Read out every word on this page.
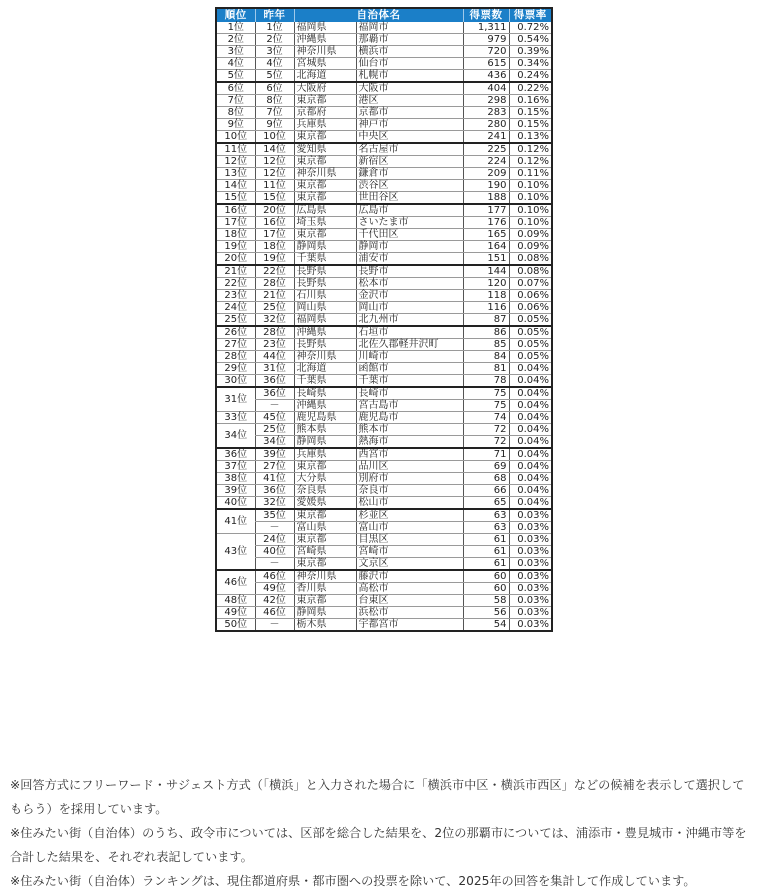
順位	昨年	自治体名		得票数	得票率
1位	1位	福岡県	福岡市	1,311	0.72%
2位	2位	沖縄県	那覇市	979	0.54%
3位	3位	神奈川県	横浜市	720	0.39%
4位	4位	宮城県	仙台市	615	0.34%
5位	5位	北海道	札幌市	436	0.24%
6位	6位	大阪府	大阪市	404	0.22%
7位	8位	東京都	港区	298	0.16%
8位	7位	京都府	京都市	283	0.15%
9位	9位	兵庫県	神戸市	280	0.15%
10位	10位	東京都	中央区	241	0.13%
11位	14位	愛知県	名古屋市	225	0.12%
12位	12位	東京都	新宿区	224	0.12%
13位	12位	神奈川県	鎌倉市	209	0.11%
14位	11位	東京都	渋谷区	190	0.10%
15位	15位	東京都	世田谷区	188	0.10%
16位	20位	広島県	広島市	177	0.10%
17位	16位	埼玉県	さいたま市	176	0.10%
18位	17位	東京都	千代田区	165	0.09%
19位	18位	静岡県	静岡市	164	0.09%
20位	19位	千葉県	浦安市	151	0.08%
21位	22位	長野県	長野市	144	0.08%
22位	28位	長野県	松本市	120	0.07%
23位	21位	石川県	金沢市	118	0.06%
24位	25位	岡山県	岡山市	116	0.06%
25位	32位	福岡県	北九州市	87	0.05%
26位	28位	沖縄県	石垣市	86	0.05%
27位	23位	長野県	北佐久郡軽井沢町	85	0.05%
28位	44位	神奈川県	川崎市	84	0.05%
29位	31位	北海道	函館市	81	0.04%
30位	36位	千葉県	千葉市	78	0.04%
31位	36位	長崎県	長崎市	75	0.04%
	－	沖縄県	宮古島市	75	0.04%
33位	45位	鹿児島県	鹿児島市	74	0.04%
34位	25位	熊本県	熊本市	72	0.04%
	34位	静岡県	熱海市	72	0.04%
36位	39位	兵庫県	西宮市	71	0.04%
37位	27位	東京都	品川区	69	0.04%
38位	41位	大分県	別府市	68	0.04%
39位	36位	奈良県	奈良市	66	0.04%
40位	32位	愛媛県	松山市	65	0.04%
41位	35位	東京都	杉並区	63	0.03%
	－	富山県	富山市	63	0.03%
43位	24位	東京都	目黒区	61	0.03%
	40位	宮崎県	宮崎市	61	0.03%
	－	東京都	文京区	61	0.03%
46位	46位	神奈川県	藤沢市	60	0.03%
	49位	香川県	高松市	60	0.03%
48位	42位	東京都	台東区	58	0.03%
49位	46位	静岡県	浜松市	56	0.03%
50位	－	栃木県	宇都宮市	54	0.03%

※回答方式にフリーワード・サジェスト方式（「横浜」と入力された場合に「横浜市中区・横浜市西区」などの候補を表示して選択してもらう）を採用しています。

※住みたい街（自治体）のうち、政令市については、区部を総合した結果を、2位の那覇市については、浦添市・豊見城市・沖縄市等を合計した結果を、それぞれ表記しています。

※住みたい街（自治体）ランキングは、現住都道府県・都市圏への投票を除いて、2025年の回答を集計して作成しています。
